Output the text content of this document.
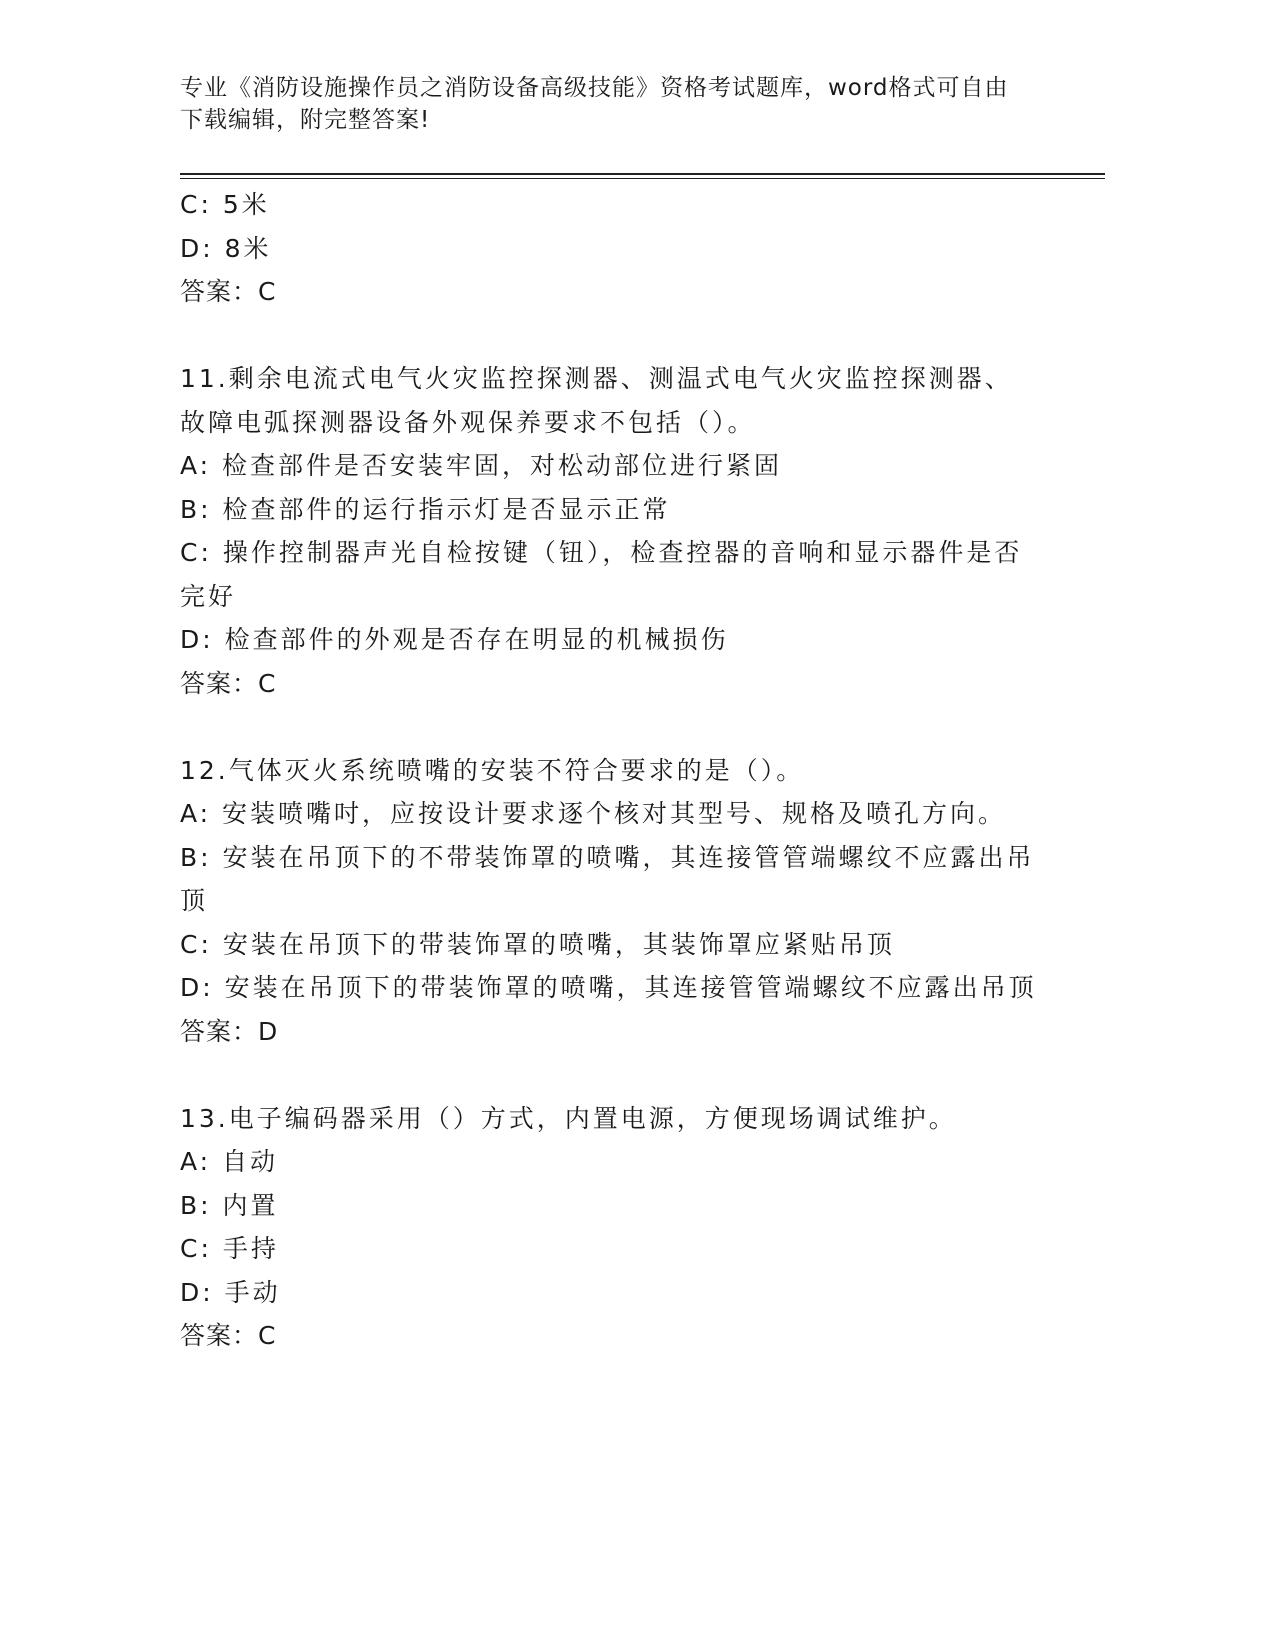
专业《消防设施操作员之消防设备高级技能》资格考试题库，word格式可自由下载编辑，附完整答案!

C: 5米

D: 8米

答案：C

11.剩余电流式电气火灾监控探测器、测温式电气火灾监控探测器、故障电弧探测器设备外观保养要求不包括（）。

A: 检查部件是否安装牢固，对松动部位进行紧固

B: 检查部件的运行指示灯是否显示正常

C: 操作控制器声光自检按键（钮），检查控器的音响和显示器件是否完好

D: 检查部件的外观是否存在明显的机械损伤

答案：C

12.气体灭火系统喷嘴的安装不符合要求的是（）。

A: 安装喷嘴吋，应按设计要求逐个核对其型号、规格及喷孔方向。

B: 安装在吊顶下的不带装饰罩的喷嘴，其连接管管端螺纹不应露出吊顶

C: 安装在吊顶下的带装饰罩的喷嘴，其装饰罩应紧贴吊顶

D: 安装在吊顶下的带装饰罩的喷嘴，其连接管管端螺纹不应露出吊顶

答案：D

13.电子编码器采用（）方式，内置电源，方便现场调试维护。

A: 自动

B: 内置

C: 手持

D: 手动

答案：C
